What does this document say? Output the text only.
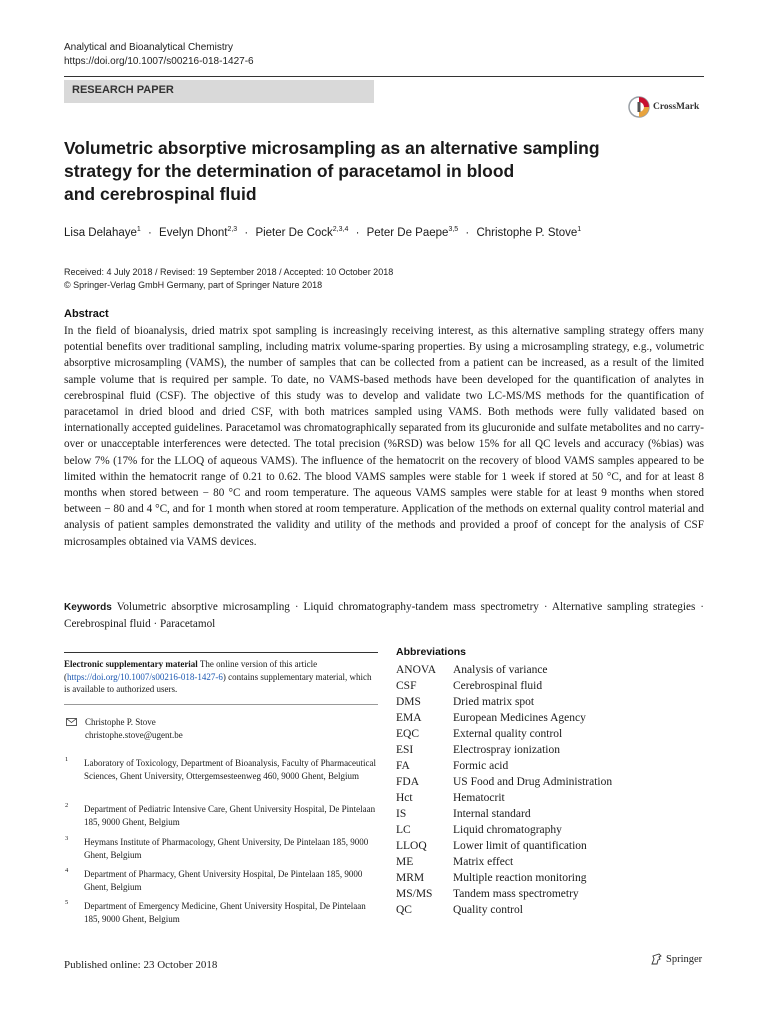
Analytical and Bioanalytical Chemistry
https://doi.org/10.1007/s00216-018-1427-6
RESEARCH PAPER
CrossMark
Volumetric absorptive microsampling as an alternative sampling
strategy for the determination of paracetamol in blood
and cerebrospinal fluid
Lisa Delahaye$^1$ · Evelyn Dhont$^{2,3}$ · Pieter De Cock$^{2,3,4}$ · Peter De Paepe$^{3,5}$ · Christophe P. Stove$^1$
Received: 4 July 2018 / Revised: 19 September 2018 / Accepted: 10 October 2018
© Springer-Verlag GmbH Germany, part of Springer Nature 2018
Abstract

In the field of bioanalysis, dried matrix spot sampling is increasingly receiving interest, as this alternative sampling strategy offers many potential benefits over traditional sampling, including matrix volume-sparing properties. By using a microsampling strategy, e.g., volumetric absorptive microsampling (VAMS), the number of samples that can be collected from a patient can be increased, as a result of the limited sample volume that is required per sample. To date, no VAMS-based methods have been developed for the quantification of analytes in cerebrospinal fluid (CSF). The objective of this study was to develop and validate two LC-MS/MS methods for the quantification of paracetamol in dried blood and dried CSF, with both matrices sampled using VAMS. Both methods were fully validated based on internationally accepted guidelines. Paracetamol was chromatographically separated from its glucuronide and sulfate metabolites and no carry-over or unacceptable interferences were detected. The total precision (%RSD) was below 15% for all QC levels and accuracy (%bias) was below 7% (17% for the LLOQ of aqueous VAMS). The influence of the hematocrit on the recovery of blood VAMS samples appeared to be limited within the hematocrit range of 0.21 to 0.62. The blood VAMS samples were stable for 1 week if stored at 50 °C, and for at least 8 months when stored between − 80 °C and room temperature. The aqueous VAMS samples were stable for at least 9 months when stored between − 80 and 4 °C, and for 1 month when stored at room temperature. Application of the methods on external quality control material and analysis of patient samples demonstrated the validity and utility of the methods and provided a proof of concept for the analysis of CSF microsamples obtained via VAMS devices.

Keywords Volumetric absorptive microsampling · Liquid chromatography-tandem mass spectrometry · Alternative sampling strategies · Cerebrospinal fluid · Paracetamol

Electronic supplementary material The online version of this article (https://doi.org/10.1007/s00216-018-1427-6) contains supplementary material, which is available to authorized users.

Christophe P. Stove
christophe.stove@ugent.be
1 Laboratory of Toxicology, Department of Bioanalysis, Faculty of Pharmaceutical Sciences, Ghent University, Ottergemsesteenweg 460, 9000 Ghent, Belgium
2 Department of Pediatric Intensive Care, Ghent University Hospital, De Pintelaan 185, 9000 Ghent, Belgium
3 Heymans Institute of Pharmacology, Ghent University, De Pintelaan 185, 9000 Ghent, Belgium
4 Department of Pharmacy, Ghent University Hospital, De Pintelaan 185, 9000 Ghent, Belgium
5 Department of Emergency Medicine, Ghent University Hospital, De Pintelaan 185, 9000 Ghent, Belgium
Abbreviations
ANOVA Analysis of variance
CSF	Cerebrospinal fluid
DMS	Dried matrix spot
EMA	European Medicines Agency
EQC	External quality control
ESI	Electrospray ionization
FA	Formic acid
FDA	US Food and Drug Administration
Hct	Hematocrit
IS	Internal standard
LC	Liquid chromatography
LLOQ Lower limit of quantification
ME	Matrix effect
MRM	Multiple reaction monitoring
MS/MS Tandem mass spectrometry
QC	Quality control
Published online: 23 October 2018	Springer
